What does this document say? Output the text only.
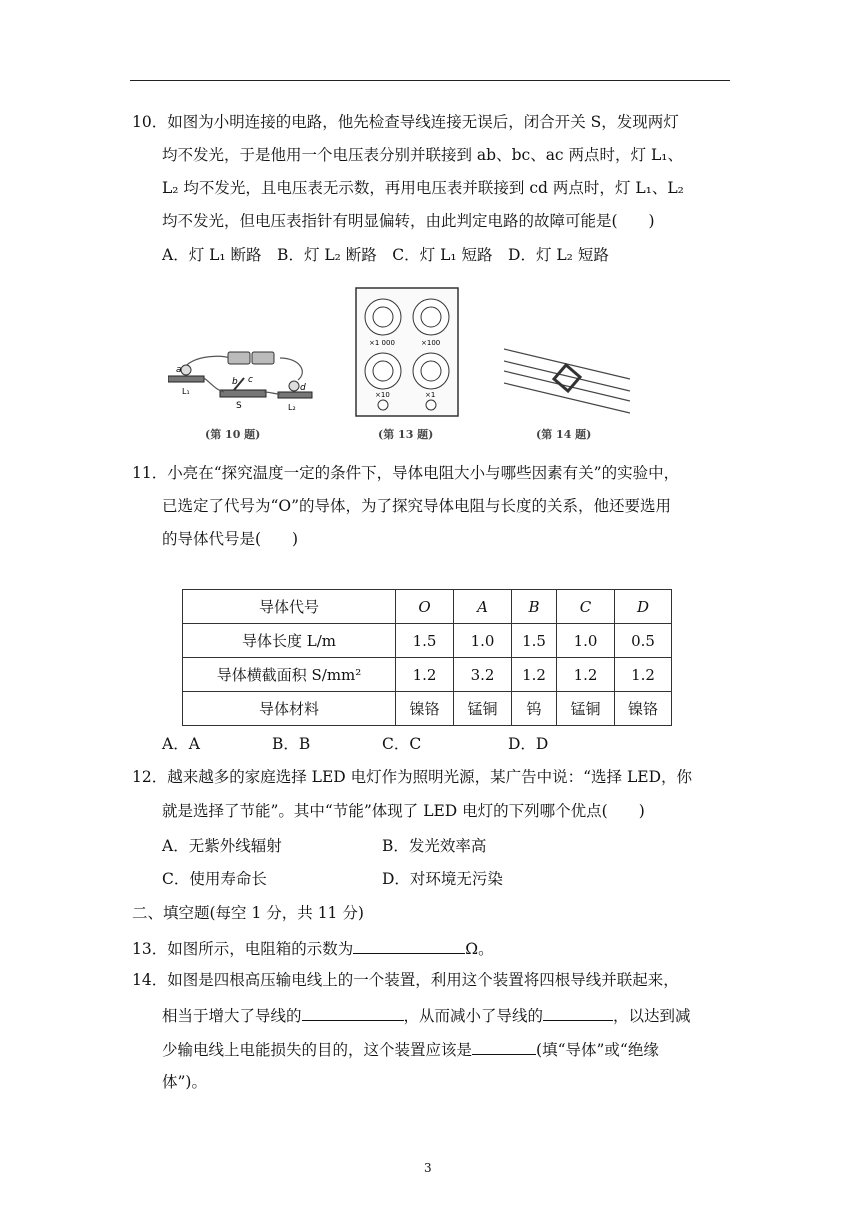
10．如图为小明连接的电路，他先检查导线连接无误后，闭合开关 S，发现两灯
均不发光，于是他用一个电压表分别并联接到 ab、bc、ac 两点时，灯 L₁、
L₂ 均不发光，且电压表无示数，再用电压表并联接到 cd 两点时，灯 L₁、L₂
均不发光，但电压表指针有明显偏转，由此判定电路的故障可能是(　　)
A．灯 L₁ 断路　B．灯 L₂ 断路　C．灯 L₁ 短路　D．灯 L₂ 短路
a
b c
d
S
L₁
L₂
(第 10 题)
×1 000	×100
×10	×1
(第 13 题)	(第 14 题)
11．小亮在“探究温度一定的条件下，导体电阻大小与哪些因素有关”的实验中，
已选定了代号为“O”的导体，为了探究导体电阻与长度的关系，他还要选用
的导体代号是(　　)
导体代号	O	A	B	C	D
导体长度 L/m	1.5	1.0	1.5	1.0	0.5
导体横截面积 S/mm²	1.2	3.2	1.2	1.2	1.2
导体材料	镍铬	锰铜	钨	锰铜	镍铬
A．A	B．B	C．C	D．D
12．越来越多的家庭选择 LED 电灯作为照明光源，某广告中说：“选择 LED，你
就是选择了节能”。其中“节能”体现了 LED 电灯的下列哪个优点(　　)
A．无紫外线辐射	B．发光效率高
C．使用寿命长	D．对环境无污染
二、填空题(每空 1 分，共 11 分)
13．如图所示，电阻箱的示数为	Ω。
14．如图是四根高压输电线上的一个装置，利用这个装置将四根导线并联起来，
相当于增大了导线的	，从而减小了导线的	，以达到减
少输电线上电能损失的目的，这个装置应该是	(填“导体”或“绝缘
体”)。
3
